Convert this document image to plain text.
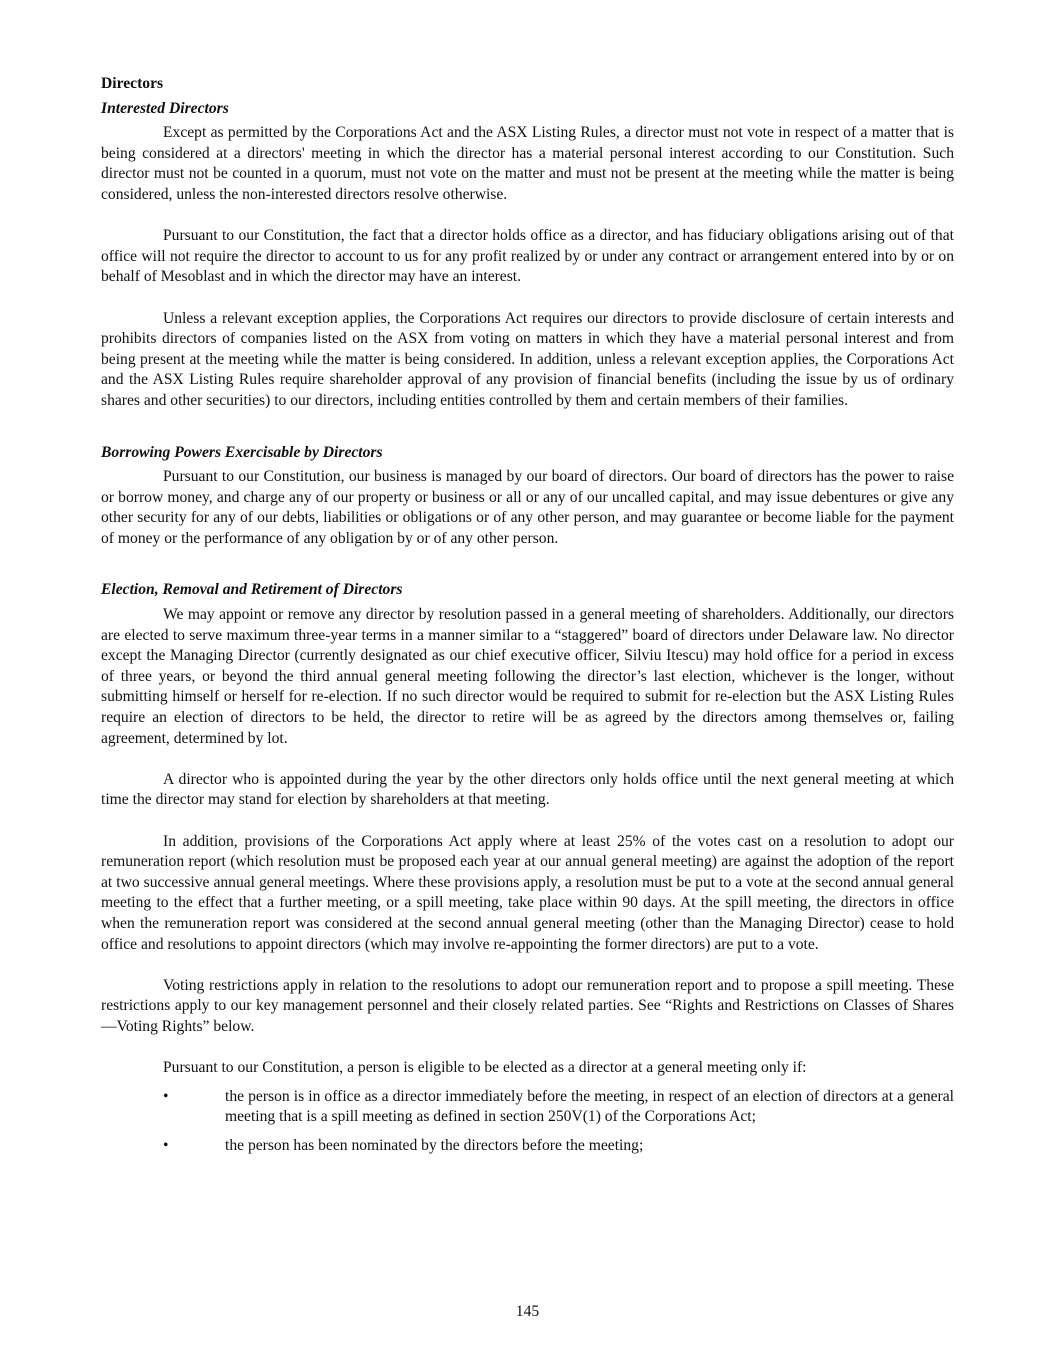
Directors
Interested Directors

Except as permitted by the Corporations Act and the ASX Listing Rules, a director must not vote in respect of a matter that is being considered at a directors' meeting in which the director has a material personal interest according to our Constitution. Such director must not be counted in a quorum, must not vote on the matter and must not be present at the meeting while the matter is being considered, unless the non-interested directors resolve otherwise.

Pursuant to our Constitution, the fact that a director holds office as a director, and has fiduciary obligations arising out of that office will not require the director to account to us for any profit realized by or under any contract or arrangement entered into by or on behalf of Mesoblast and in which the director may have an interest.

Unless a relevant exception applies, the Corporations Act requires our directors to provide disclosure of certain interests and prohibits directors of companies listed on the ASX from voting on matters in which they have a material personal interest and from being present at the meeting while the matter is being considered. In addition, unless a relevant exception applies, the Corporations Act and the ASX Listing Rules require shareholder approval of any provision of financial benefits (including the issue by us of ordinary shares and other securities) to our directors, including entities controlled by them and certain members of their families.

Borrowing Powers Exercisable by Directors

Pursuant to our Constitution, our business is managed by our board of directors. Our board of directors has the power to raise or borrow money, and charge any of our property or business or all or any of our uncalled capital, and may issue debentures or give any other security for any of our debts, liabilities or obligations or of any other person, and may guarantee or become liable for the payment of money or the performance of any obligation by or of any other person.

Election, Removal and Retirement of Directors

We may appoint or remove any director by resolution passed in a general meeting of shareholders. Additionally, our directors are elected to serve maximum three-year terms in a manner similar to a “staggered” board of directors under Delaware law. No director except the Managing Director (currently designated as our chief executive officer, Silviu Itescu) may hold office for a period in excess of three years, or beyond the third annual general meeting following the director’s last election, whichever is the longer, without submitting himself or herself for re-election. If no such director would be required to submit for re-election but the ASX Listing Rules require an election of directors to be held, the director to retire will be as agreed by the directors among themselves or, failing agreement, determined by lot.

A director who is appointed during the year by the other directors only holds office until the next general meeting at which time the director may stand for election by shareholders at that meeting.

In addition, provisions of the Corporations Act apply where at least 25% of the votes cast on a resolution to adopt our remuneration report (which resolution must be proposed each year at our annual general meeting) are against the adoption of the report at two successive annual general meetings. Where these provisions apply, a resolution must be put to a vote at the second annual general meeting to the effect that a further meeting, or a spill meeting, take place within 90 days. At the spill meeting, the directors in office when the remuneration report was considered at the second annual general meeting (other than the Managing Director) cease to hold office and resolutions to appoint directors (which may involve re-appointing the former directors) are put to a vote.

Voting restrictions apply in relation to the resolutions to adopt our remuneration report and to propose a spill meeting. These restrictions apply to our key management personnel and their closely related parties. See “Rights and Restrictions on Classes of Shares—Voting Rights” below.

Pursuant to our Constitution, a person is eligible to be elected as a director at a general meeting only if:

•	the person is in office as a director immediately before the meeting, in respect of an election of directors at a general meeting that is a spill meeting as defined in section 250V(1) of the Corporations Act;
•	the person has been nominated by the directors before the meeting;
145
